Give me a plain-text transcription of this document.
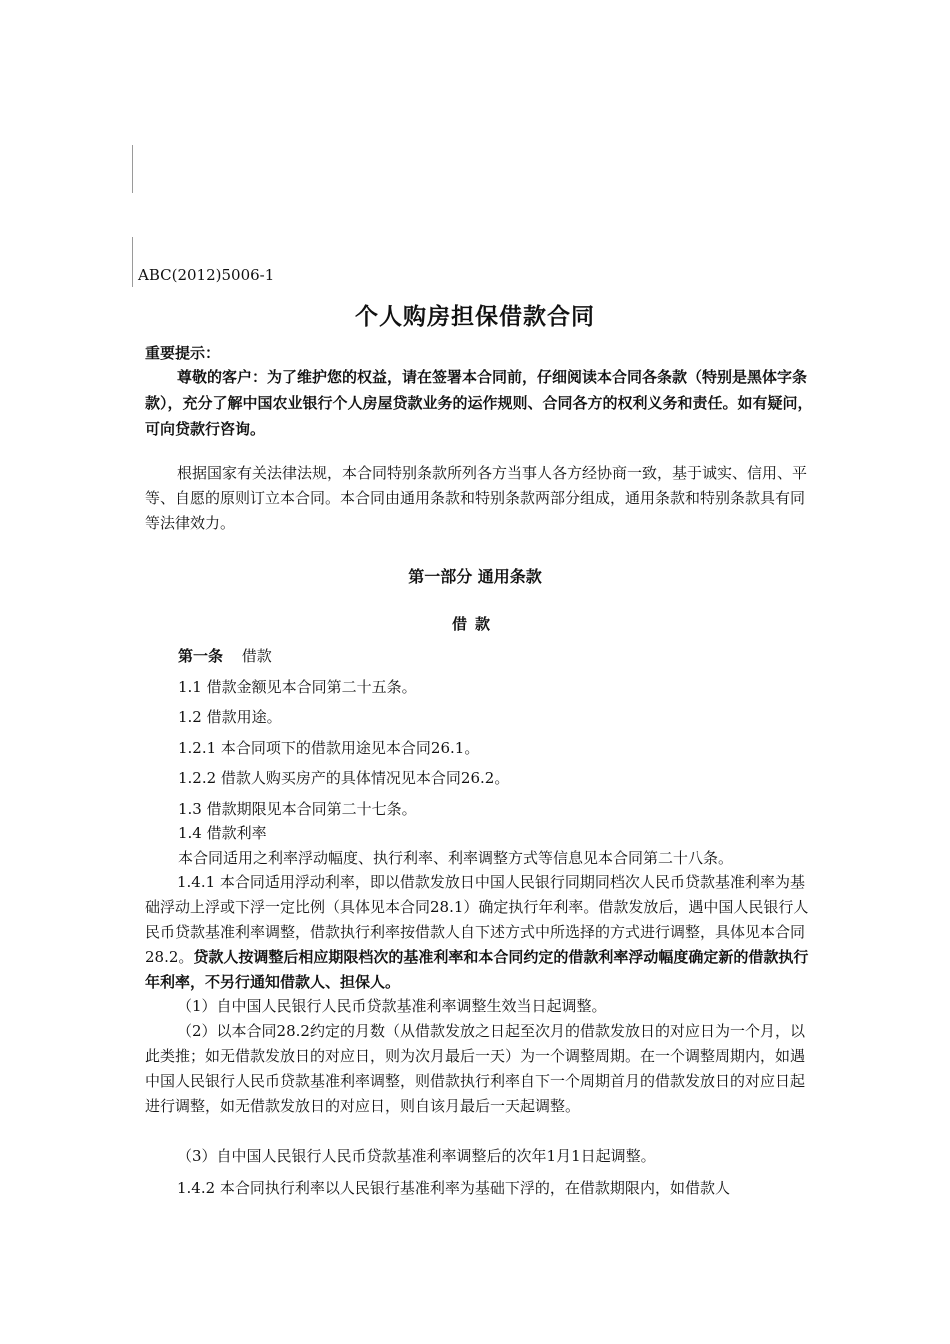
ABC(2012)5006-1
个人购房担保借款合同
重要提示：
尊敬的客户：为了维护您的权益，请在签署本合同前，仔细阅读本合同各条款（特别是黑体字条款），充分了解中国农业银行个人房屋贷款业务的运作规则、合同各方的权利义务和责任。如有疑问，可向贷款行咨询。
根据国家有关法律法规，本合同特别条款所列各方当事人各方经协商一致，基于诚实、信用、平等、自愿的原则订立本合同。本合同由通用条款和特别条款两部分组成，通用条款和特别条款具有同等法律效力。
第一部分 通用条款
借款
第一条 借款
1.1 借款金额见本合同第二十五条。
1.2 借款用途。
1.2.1 本合同项下的借款用途见本合同26.1。
1.2.2 借款人购买房产的具体情况见本合同26.2。
1.3 借款期限见本合同第二十七条。
1.4 借款利率
本合同适用之利率浮动幅度、执行利率、利率调整方式等信息见本合同第二十八条。
1.4.1 本合同适用浮动利率，即以借款发放日中国人民银行同期同档次人民币贷款基准利率为基础浮动上浮或下浮一定比例（具体见本合同28.1）确定执行年利率。借款发放后，遇中国人民银行人民币贷款基准利率调整，借款执行利率按借款人自下述方式中所选择的方式进行调整，具体见本合同28.2。贷款人按调整后相应期限档次的基准利率和本合同约定的借款利率浮动幅度确定新的借款执行年利率，不另行通知借款人、担保人。
（1）自中国人民银行人民币贷款基准利率调整生效当日起调整。
（2）以本合同28.2约定的月数（从借款发放之日起至次月的借款发放日的对应日为一个月，以此类推；如无借款发放日的对应日，则为次月最后一天）为一个调整周期。在一个调整周期内，如遇中国人民银行人民币贷款基准利率调整，则借款执行利率自下一个周期首月的借款发放日的对应日起进行调整，如无借款发放日的对应日，则自该月最后一天起调整。
（3）自中国人民银行人民币贷款基准利率调整后的次年1月1日起调整。
1.4.2 本合同执行利率以人民银行基准利率为基础下浮的，在借款期限内，如借款人
